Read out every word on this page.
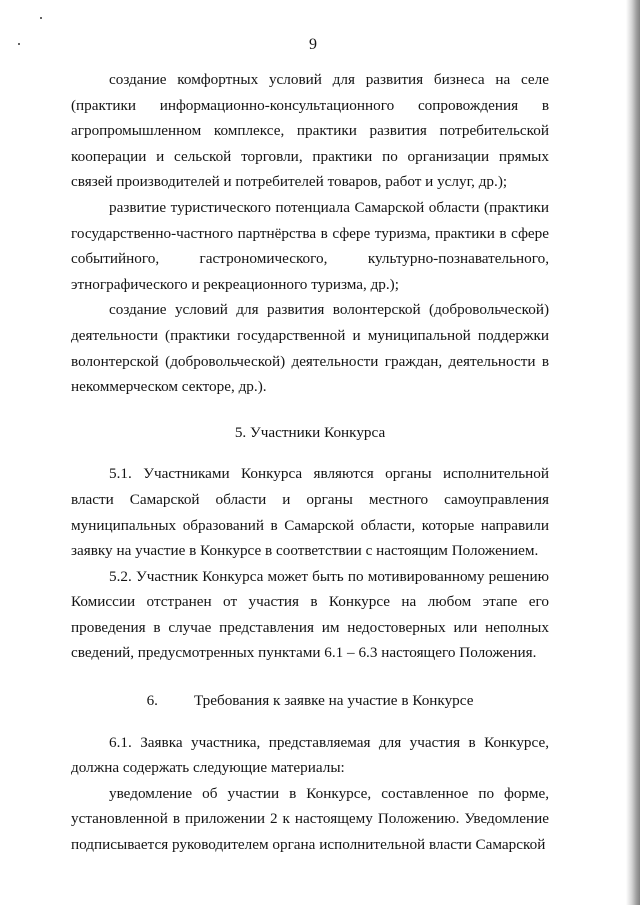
9

создание комфортных условий для развития бизнеса на селе (практики информационно-консультационного сопровождения в агропромышленном комплексе, практики развития потребительской кооперации и сельской торговли, практики по организации прямых связей производителей и потребителей товаров, работ и услуг, др.);

развитие туристического потенциала Самарской области (практики государственно-частного партнёрства в сфере туризма, практики в сфере событийного, гастрономического, культурно-познавательного, этнографического и рекреационного туризма, др.);

создание условий для развития волонтерской (добровольческой) деятельности (практики государственной и муниципальной поддержки волонтерской (добровольческой) деятельности граждан, деятельности в некоммерческом секторе, др.).

5. Участники Конкурса

5.1. Участниками Конкурса являются органы исполнительной власти Самарской области и органы местного самоуправления муниципальных образований в Самарской области, которые направили заявку на участие в Конкурсе в соответствии с настоящим Положением.

5.2. Участник Конкурса может быть по мотивированному решению Комиссии отстранен от участия в Конкурсе на любом этапе его проведения в случае представления им недостоверных или неполных сведений, предусмотренных пунктами 6.1 – 6.3 настоящего Положения.

6. Требования к заявке на участие в Конкурсе

6.1. Заявка участника, представляемая для участия в Конкурсе, должна содержать следующие материалы:

уведомление об участии в Конкурсе, составленное по форме, установленной в приложении 2 к настоящему Положению. Уведомление подписывается руководителем органа исполнительной власти Самарской
